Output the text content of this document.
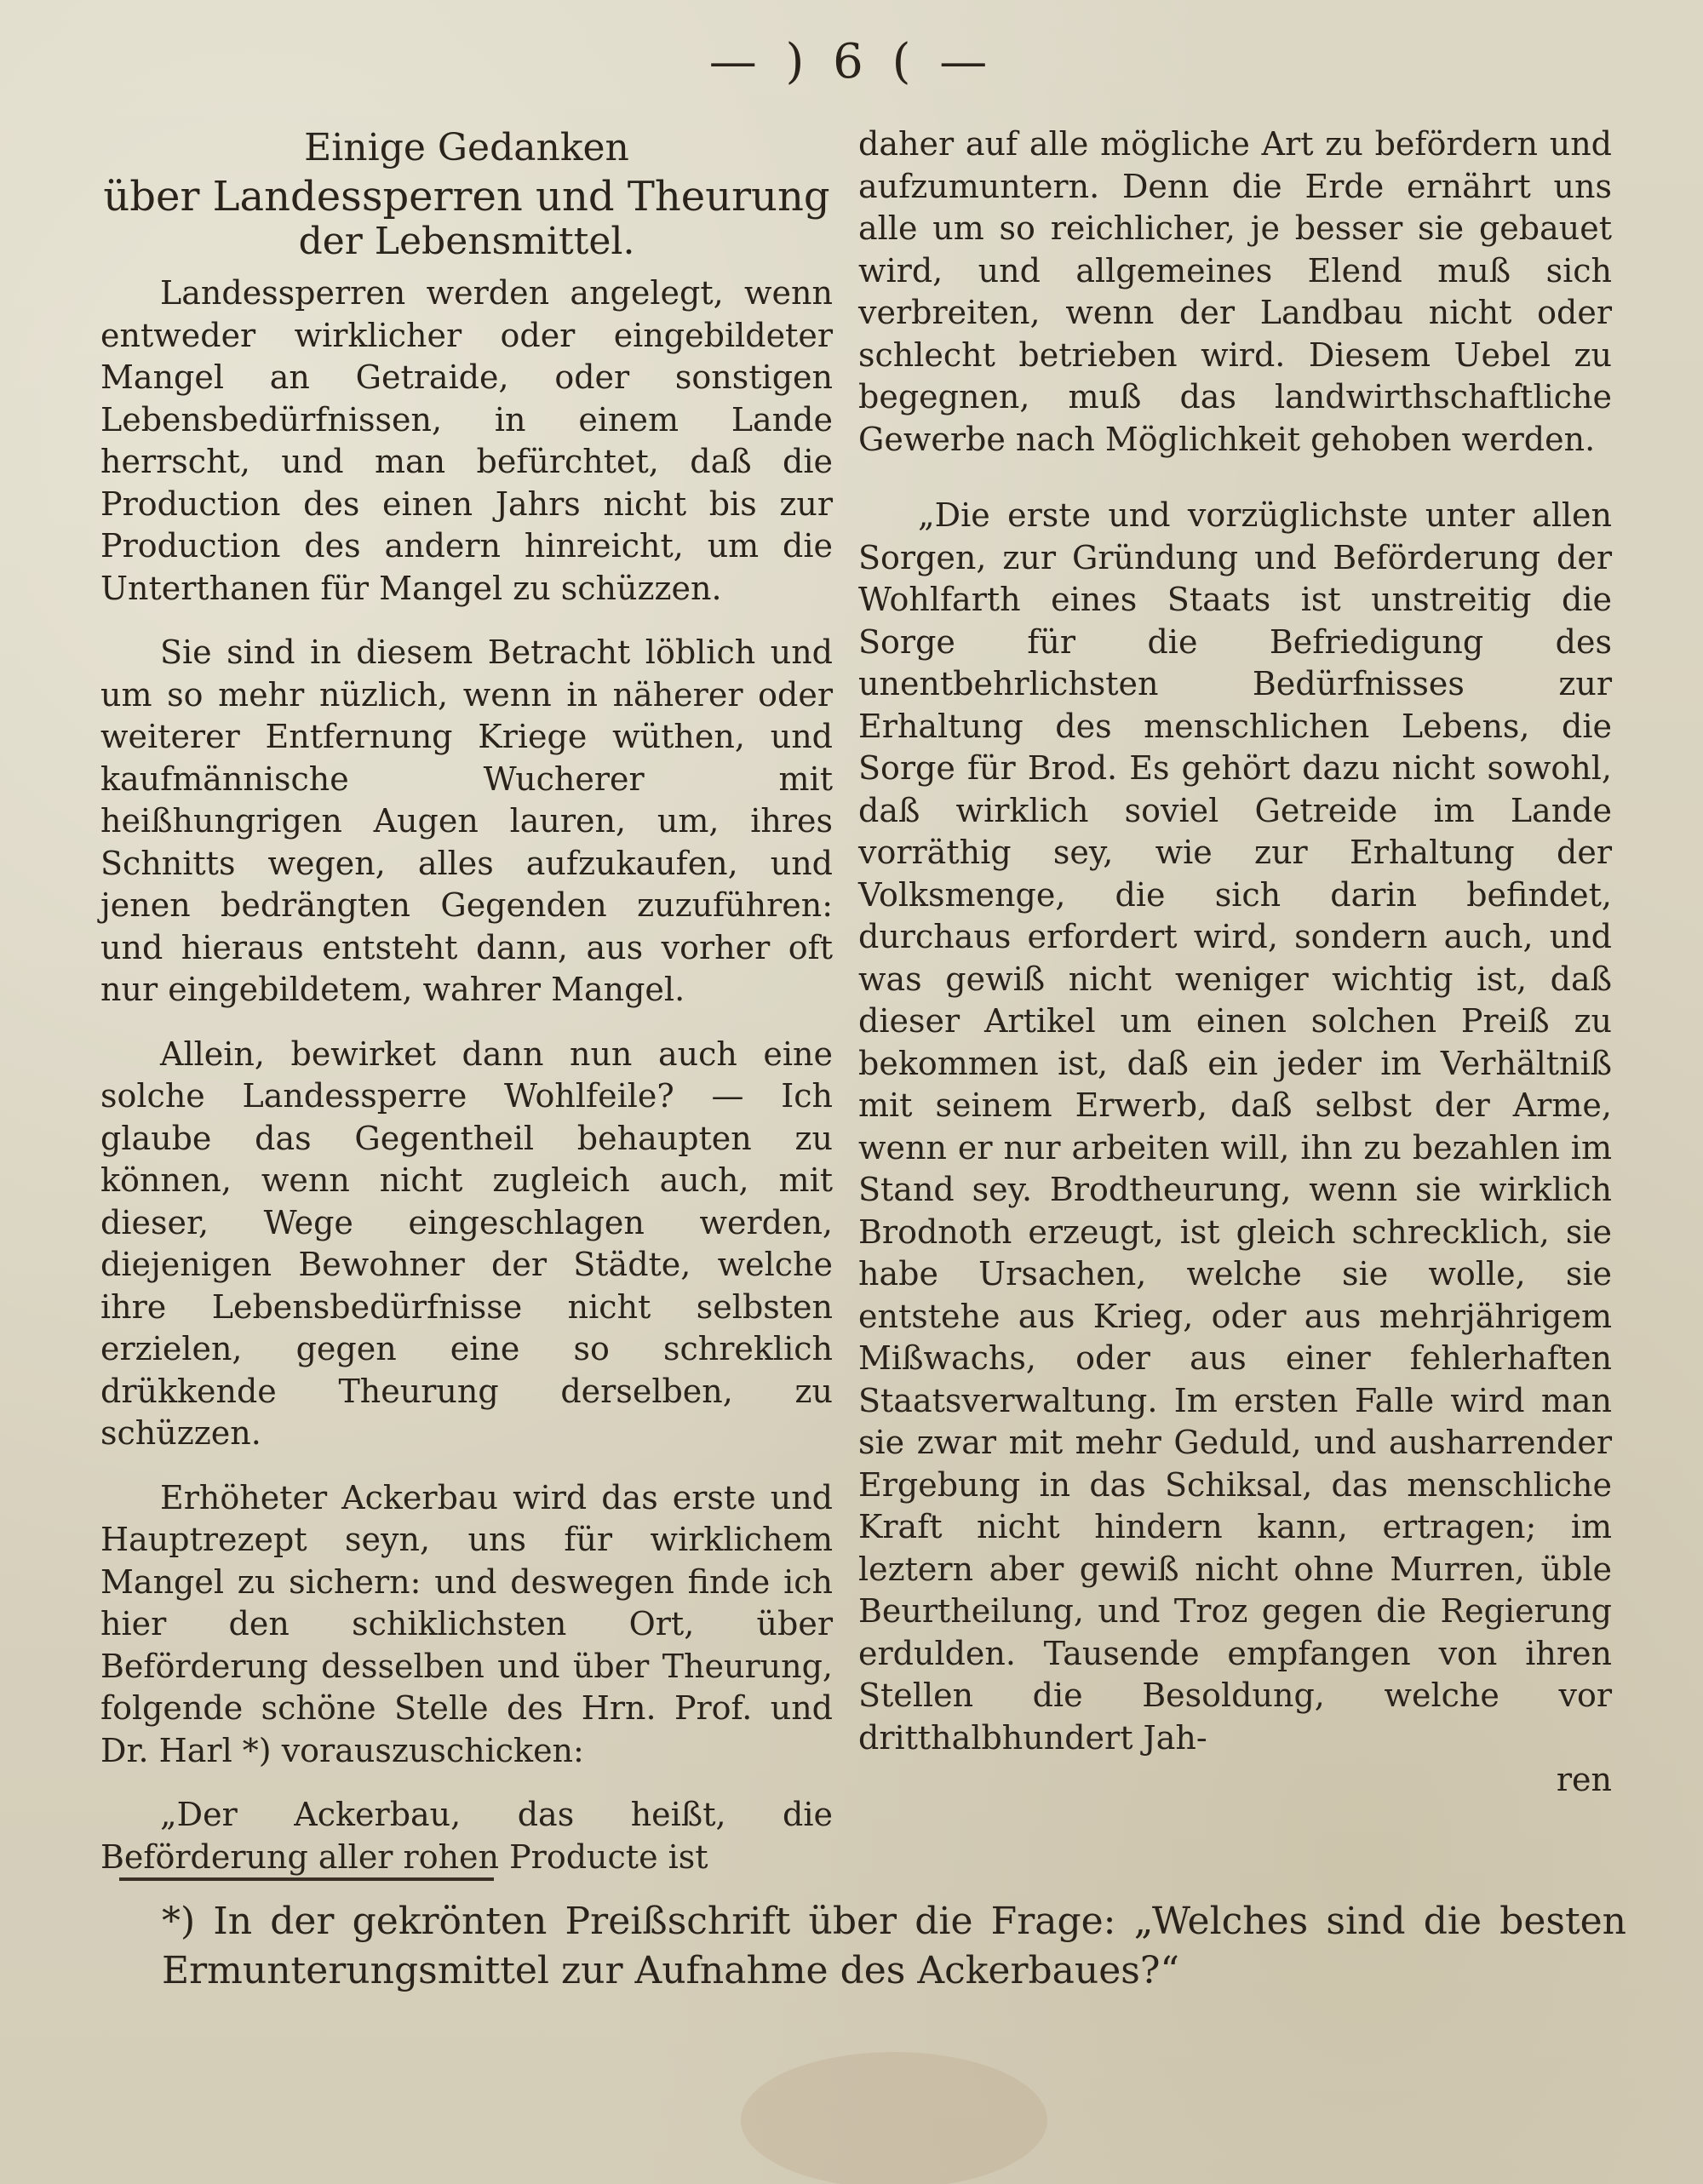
— ) 6 ( —
Einige Gedanken
über Landessperren und Theurung
der Lebensmittel.

Landessperren werden angelegt, wenn entweder wirklicher oder eingebildeter Mangel an Getraide, oder sonstigen Lebensbedürfnissen, in einem Lande herrscht, und man befürchtet, daß die Production des einen Jahrs nicht bis zur Production des andern hinreicht, um die Unterthanen für Mangel zu schüzzen.

Sie sind in diesem Betracht löblich und um so mehr nüzlich, wenn in näherer oder weiterer Entfernung Kriege wüthen, und kaufmännische Wucherer mit heißhungrigen Augen lauren, um, ihres Schnitts wegen, alles aufzukaufen, und jenen bedrängten Gegenden zuzuführen: und hieraus entsteht dann, aus vorher oft nur eingebildetem, wahrer Mangel.

Allein, bewirket dann nun auch eine solche Landessperre Wohlfeile? — Ich glaube das Gegentheil behaupten zu können, wenn nicht zugleich auch, mit dieser, Wege eingeschlagen werden, diejenigen Bewohner der Städte, welche ihre Lebensbedürfnisse nicht selbsten erzielen, gegen eine so schreklich drükkende Theurung derselben, zu schüzzen.

Erhöheter Ackerbau wird das erste und Hauptrezept seyn, uns für wirklichem Mangel zu sichern: und deswegen finde ich hier den schiklichsten Ort, über Beförderung desselben und über Theurung, folgende schöne Stelle des Hrn. Prof. und Dr. Harl *) vorauszuschicken:

„Der Ackerbau, das heißt, die Beförderung aller rohen Producte ist

daher auf alle mögliche Art zu befördern und aufzumuntern. Denn die Erde ernährt uns alle um so reichlicher, je besser sie gebauet wird, und allgemeines Elend muß sich verbreiten, wenn der Landbau nicht oder schlecht betrieben wird. Diesem Uebel zu begegnen, muß das landwirthschaftliche Gewerbe nach Möglichkeit gehoben werden.

„Die erste und vorzüglichste unter allen Sorgen, zur Gründung und Beförderung der Wohlfarth eines Staats ist unstreitig die Sorge für die Befriedigung des unentbehrlichsten Bedürfnisses zur Erhaltung des menschlichen Lebens, die Sorge für Brod. Es gehört dazu nicht sowohl, daß wirklich soviel Getreide im Lande vorräthig sey, wie zur Erhaltung der Volksmenge, die sich darin befindet, durchaus erfordert wird, sondern auch, und was gewiß nicht weniger wichtig ist, daß dieser Artikel um einen solchen Preiß zu bekommen ist, daß ein jeder im Verhältniß mit seinem Erwerb, daß selbst der Arme, wenn er nur arbeiten will, ihn zu bezahlen im Stand sey. Brodtheurung, wenn sie wirklich Brodnoth erzeugt, ist gleich schrecklich, sie habe Ursachen, welche sie wolle, sie entstehe aus Krieg, oder aus mehrjährigem Mißwachs, oder aus einer fehlerhaften Staatsverwaltung. Im ersten Falle wird man sie zwar mit mehr Geduld, und ausharrender Ergebung in das Schiksal, das menschliche Kraft nicht hindern kann, ertragen; im leztern aber gewiß nicht ohne Murren, üble Beurtheilung, und Troz gegen die Regierung erdulden. Tausende empfangen von ihren Stellen die Besoldung, welche vor dritthalbhundert Jah-

ren

*) In der gekrönten Preißschrift über die Frage: „Welches sind die besten Ermunterungsmittel zur Aufnahme des Ackerbaues?“
